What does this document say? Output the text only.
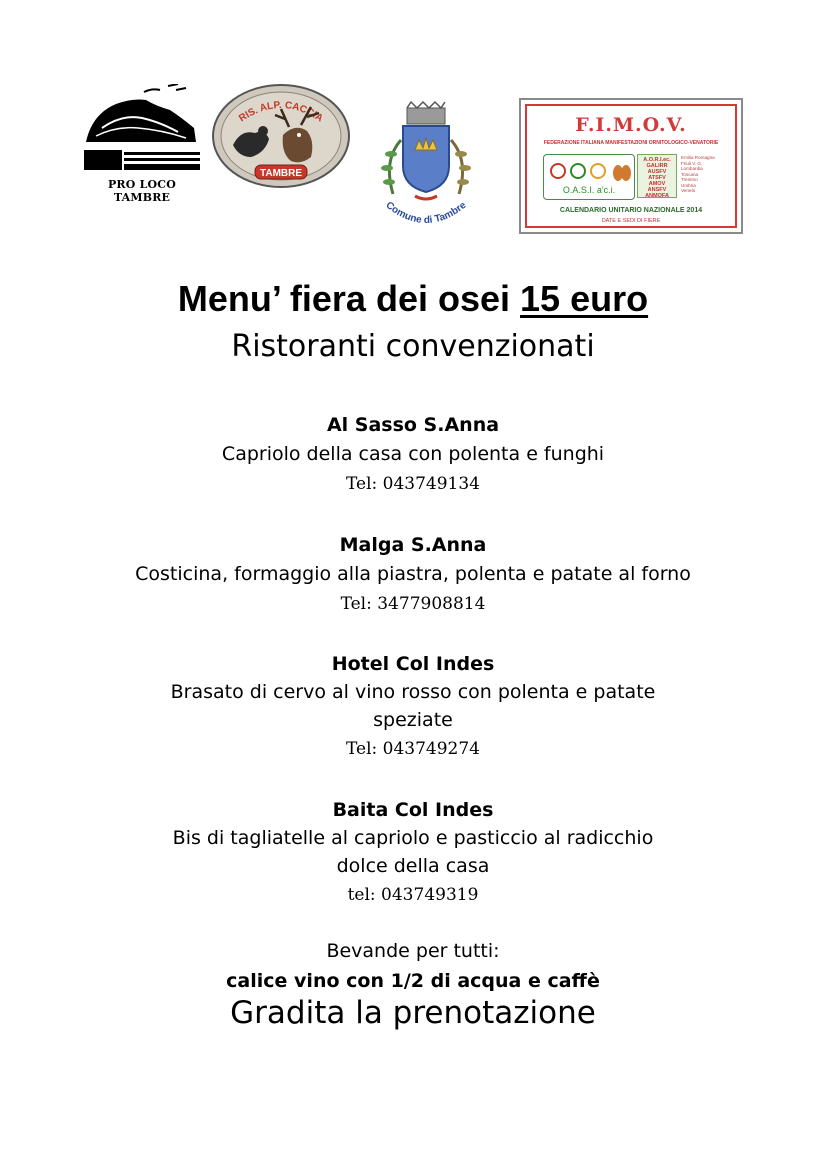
PRO LOCO TAMBRE
RIS. ALP. CACCIA
TAMBRE
Comune di Tambre
F.I.M.O.V.
FEDERAZIONE ITALIANA MANIFESTAZIONI ORNITOLOGICO-VENATORIE
O.A.S.I. a'c.i.
A.O.R.I.ec.
GALIRR
AUSFV
ATSFV
AMOV
ANSFV
ANMOFA
Emilia Romagna
Friuli V. G.
Lombardia
Toscana
Trentino
Umbria
Veneto
CALENDARIO UNITARIO NAZIONALE 2014
DATE E SEDI DI FIERE
Menu’ fiera dei osei 15 euro
Ristoranti convenzionati
Al Sasso S.Anna
Capriolo della casa con polenta e funghi
Tel: 043749134
Malga S.Anna
Costicina, formaggio alla piastra, polenta e patate al forno
Tel: 3477908814
Hotel Col Indes
Brasato di cervo al vino rosso con polenta e patate
speziate
Tel: 043749274
Baita Col Indes
Bis di tagliatelle al capriolo e pasticcio al radicchio
dolce della casa
tel: 043749319
Bevande per tutti:
calice vino con 1/2 di acqua e caffè
Gradita la prenotazione
